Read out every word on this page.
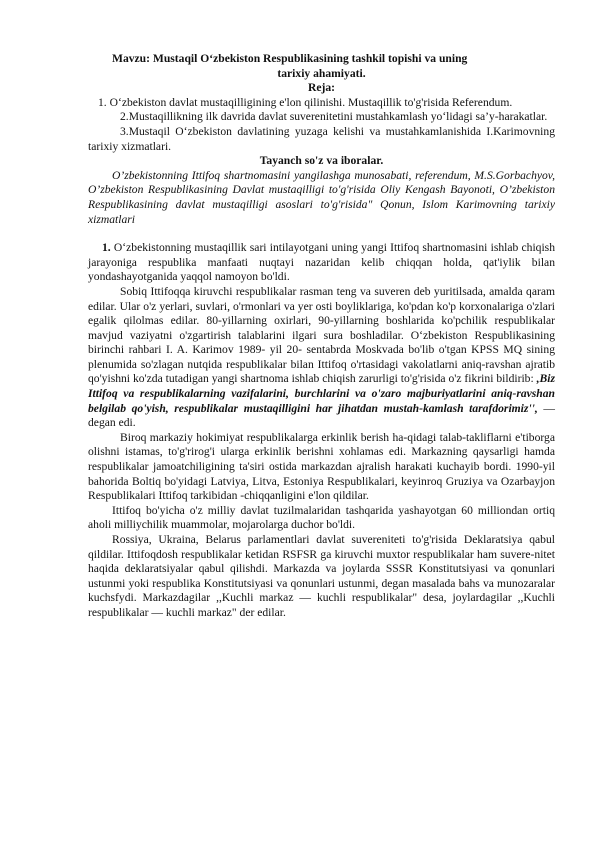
Mavzu: Mustaqil O‘zbekiston Respublikasining tashkil topishi va uning

tarixiy ahamiyati.

Reja:

1. O‘zbekiston davlat mustaqilligining e'lon qilinishi. Mustaqillik to'g'risida Referendum.

2.Mustaqillikning ilk davrida davlat suverenitetini mustahkamlash yo‘lidagi sa’y-harakatlar.

3.Mustaqil O‘zbekiston davlatining yuzaga kelishi va mustahkamlanishida I.Karimovning tarixiy xizmatlari.

Tayanch so'z va iboralar.

O’zbekistonning Ittifoq shartnomasini yangilashga munosabati, referendum, M.S.Gorbachyov, O’zbekiston Respublikasining Davlat mustaqilligi to'g'risida Oliy Kengash Bayonoti, O’zbekiston Respublikasining davlat mustaqilligi asoslari to'g'risida" Qonun, Islom Karimovning tarixiy xizmatlari

1. O‘zbekistonning mustaqillik sari intilayotgani uning yangi Ittifoq shartnomasini ishlab chiqish jarayoniga respublika manfaati nuqtayi nazaridan kelib chiqqan holda, qat'iylik bilan yondashayotganida yaqqol namoyon bo'ldi.

Sobiq Ittifoqqa kiruvchi respublikalar rasman teng va suveren deb yuritilsada, amalda qaram edilar. Ular o'z yerlari, suvlari, o'rmonlari va yer osti boyliklariga, ko'pdan ko'p korxonalariga o'zlari egalik qilolmas edilar. 80-yillarning oxirlari, 90-yillarning boshlarida ko'pchilik respublikalar mavjud vaziyatni o'zgartirish talablarini ilgari sura boshladilar. O‘zbekiston Respublikasining birinchi rahbari I. A. Karimov 1989- yil 20- sentabrda Moskvada bo'lib o'tgan KPSS MQ sining plenumida so'zlagan nutqida respublikalar bilan Ittifoq o'rtasidagi vakolatlarni aniq-ravshan ajratib qo'yishni ko'zda tutadigan yangi shartnoma ishlab chiqish zarurligi to'g'risida o'z fikrini bildirib: ,Biz Ittifoq va respublikalarning vazifalarini, burchlarini va o'zaro majburiyatlarini aniq-ravshan belgilab qo'yish, respublikalar mustaqilligini har jihatdan mustah-kamlash tarafdorimiz'', — degan edi.

Biroq markaziy hokimiyat respublikalarga erkinlik berish ha-qidagi talab-takliflarni e'tiborga olishni istamas, to'g'rirog'i ularga erkinlik berishni xohlamas edi. Markazning qaysarligi hamda respublikalar jamoatchiligining ta'siri ostida markazdan ajralish harakati kuchayib bordi. 1990-yil bahorida Boltiq bo'yidagi Latviya, Litva, Estoniya Respublikalari, keyinroq Gruziya va Ozarbayjon Respublikalari Ittifoq tarkibidan -chiqqanligini e'lon qildilar.

Ittifoq bo'yicha o'z milliy davlat tuzilmalaridan tashqarida yashayotgan 60 milliondan ortiq aholi milliychilik muammolar, mojarolarga duchor bo'ldi.

Rossiya, Ukraina, Belarus parlamentlari davlat suvereniteti to'g'risida Deklaratsiya qabul qildilar. Ittifoqdosh respublikalar ketidan RSFSR ga kiruvchi muxtor respublikalar ham suvere-nitet haqida deklaratsiyalar qabul qilishdi. Markazda va joylarda SSSR Konstitutsiyasi va qonunlari ustunmi yoki respublika Konstitutsiyasi va qonunlari ustunmi, degan masalada bahs va munozaralar kuchsfydi. Markazdagilar ,,Kuchli markaz — kuchli respublikalar" desa, joylardagilar ,,Kuchli respublikalar — kuchli markaz" der edilar.
